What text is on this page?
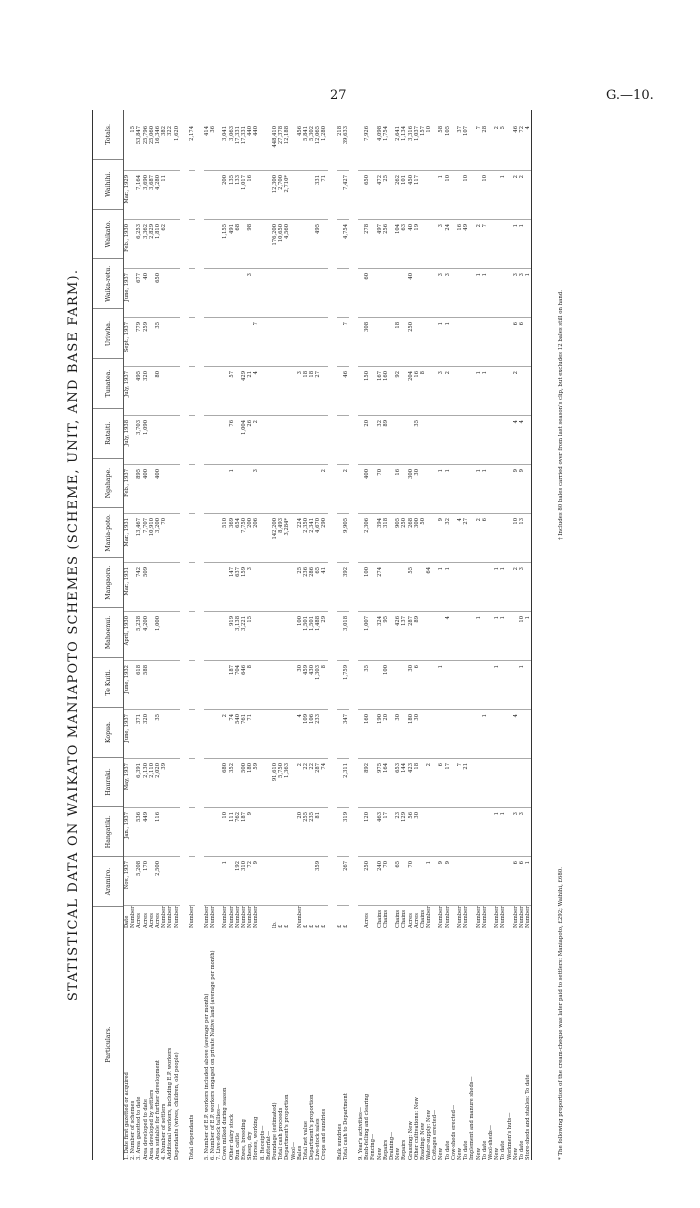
27	G.—10.
STATISTICAL DATA ON WAIKATO MANIAPOTO SCHEMES (SCHEME, UNIT, AND BASE FARM).
Particulars.
Aramiro.
Hangatiki.
Hauraki.
Kopua.
Te Kuiti.
Mahoenui.
Mangaora.
Mania-poto.
Ngahape.
Rataiti.
Tunatea.
Uriwha.
Waika-retu.
Waikato.
Waihihi.
Totals.
1. Date first gazetted or acquired
Date
Nov., 1937
Jan., 1937
May, 1937
June, 1937
June, 1932
April, 1930
Mar., 1931
Mar., 1931
Feb., 1937
July, 1938
July, 1937
Sept., 1937
June, 1937
Feb., 1930
Mar., 1929
2. Number of schemes
Number
15
3. Area gazetted to date
Acres
5,208
536
6,391
371
618
5,238
742
13,467
895
3,703
495
779
677
6,253
7,164
53,847
Area developed to date
Acres
170
449
2,130
320
588
4,200
509
7,707
400
1,090
320
259
40
3,362
3,690
25,796
Area developed by settlers
Acres
2,110
10,910
2,829
3,687
25,060
Area suitable for further development
Acres
2,500
116
2,020
35
1,000
3,200
400
80
35
650
1,810
4,280
16,346
4. Number of settlers
Number
39
70
62
11
382
Additional workers, including E.P. workers
Number
322
Dependants (wives, children, old people)
Number
1,620
Total dependants
Number
2,174
5. Number of E.P. workers included above (average per month)
Number
414
6. Number of E.P. workers engaged on private Native land (average per month)
Number
36
7. Live-stock tallies— Cows milked during season
Number
1
10
680
2
510
1,155
200
3,041
Other dairy stock
Number
111
352
74
187
919
147
369
1
76
57
491
135
3,063
Run cattle
Number
192
762
540
704
3,138
637
654
68
133
17,331
Ewes, breeding
Number
310
187
500
761
646
3,221
159
7,750
1,004
429
1,017
17,331
Sheep, dry
Number
72
9
180
71
8
15
3
200
26
21
3
98
16
440
Horses, working
Number
9
59
206
3
2
4
7
440
8. Receipts— Butterfat— Poundage (estimated)
lb.
91,610
142,200
176,200
12,300
448,410
Total cash proceeds
£
5,750
8,493
10,650
2,700
27,378
Department's proportion
£
1,363
3,284*
4,560
2,710*
12,188
Wool— Bales
Number
20
2
4
30
100
25
224
3
456
Total net value
£
255
22
109
459
1,501
236
2,350
18
5,841
Department's proportion
£
235
22
106
430
1,501
286
2,341
18
5,302
Live-stock sales
£
359
81
287
233
1,303
1,488
65
4,670
27
495
331
12,065
Crops and sundries
£
74
8
29
41
290
2
71
1,280
Bulk sundries
£
218
Total cash to Department
£
267
319
2,311
347
1,759
3,018
392
9,905
2
46
7
4,754
7,427
39,633
9. Year's activities— Bush-felling and clearing
Acres
250
120
892
160
35
1,007
100
2,306
400
20
150
308
60
278
650
7,926
Fencing— New
Chains
240
463
975
190
324
274
394
70
32
167
497
472
4,098
Repairs
Chains
70
17
164
20
100
95
318
89
160
256
25
1,754
Draining— New
Chains
65
23
653
30
426
905
16
92
18
104
262
2,641
Repairs
Chains
129
144
137
250
63
101
1,134
Grassing: New
Acres
70
56
423
180
30
287
55
268
300
204
250
40
40
450
3,316
Other cultivations: New
Acres
30
18
30
6
89
300
30
35
16
19
117
1,037
Roading: New
Chains
50
8
157
Water-supply: New
Number
1
2
64
10
Cottages erected— New
Number
9
6
1
1
9
1
3
1
3
3
1
58
To date
Number
9
17
4
1
32
1
2
1
3
24
10
105
Cow-sheds erected— New
Number
7
4
16
37
To date
Number
21
27
49
10
107
Implement and manure sheds— New
Number
1
2
1
1
1
2
7
To date
Number
1
6
1
1
1
7
10
28
Wool-sheds— New
Number
1
1
1
1
2
To date
Number
1
1
1
1
5
Workmen's huts— New
Number
6
3
4
2
10
9
4
2
6
3
1
2
46
To date
Number
6
3
1
10
3
13
9
4
6
3
1
2
72
Store-sheds and stables: To date
Number
1
1
1
4
* The following proportion of the cream-cheque was later paid to settlers: Maniapoto, £292; Waihihi, £680.
† Includes 80 bales carried over from last season's clip, but excludes 12 bales still on hand.
